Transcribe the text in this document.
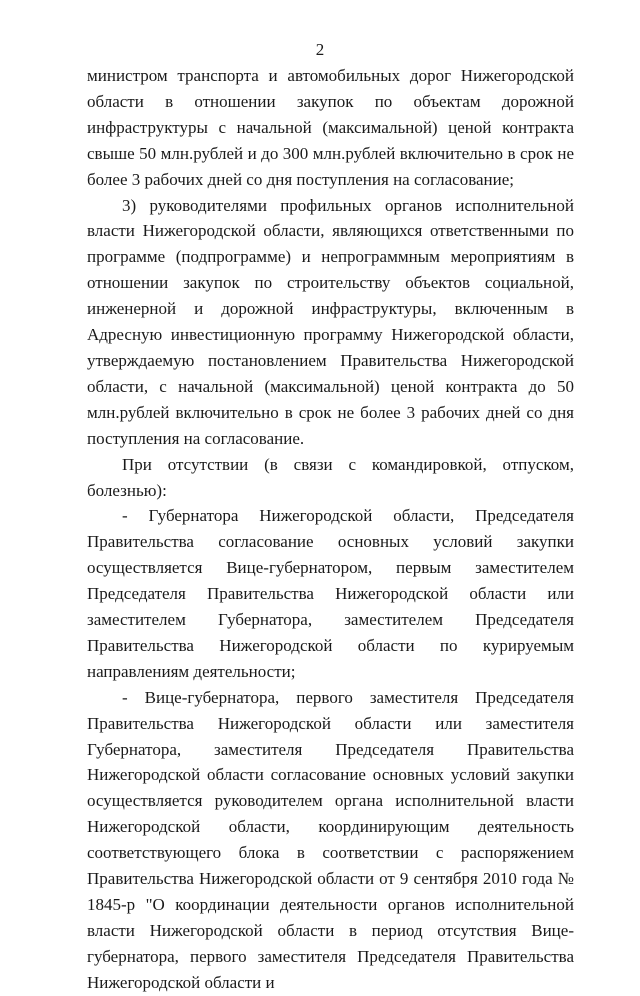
2

министром транспорта и автомобильных дорог Нижегородской области в отношении закупок по объектам дорожной инфраструктуры с начальной (максимальной) ценой контракта свыше 50 млн.рублей и до 300 млн.рублей включительно в срок не более 3 рабочих дней со дня поступления на согласование;

3) руководителями профильных органов исполнительной власти Нижегородской области, являющихся ответственными по программе (подпрограмме) и непрограммным мероприятиям в отношении закупок по строительству объектов социальной, инженерной и дорожной инфраструктуры, включенным в Адресную инвестиционную программу Нижегородской области, утверждаемую постановлением Правительства Нижегородской области, с начальной (максимальной) ценой контракта до 50 млн.рублей включительно в срок не более 3 рабочих дней со дня поступления на согласование.

При отсутствии (в связи с командировкой, отпуском, болезнью):

- Губернатора Нижегородской области, Председателя Правительства согласование основных условий закупки осуществляется Вице-губернатором, первым заместителем Председателя Правительства Нижегородской области или заместителем Губернатора, заместителем Председателя Правительства Нижегородской области по курируемым направлениям деятельности;

- Вице-губернатора, первого заместителя Председателя Правительства Нижегородской области или заместителя Губернатора, заместителя Председателя Правительства Нижегородской области согласование основных условий закупки осуществляется руководителем органа исполнительной власти Нижегородской области, координирующим деятельность соответствующего блока в соответствии с распоряжением Правительства Нижегородской области от 9 сентября 2010 года № 1845-р "О координации деятельности органов исполнительной власти Нижегородской области в период отсутствия Вице-губернатора, первого заместителя Председателя Правительства Нижегородской области и
